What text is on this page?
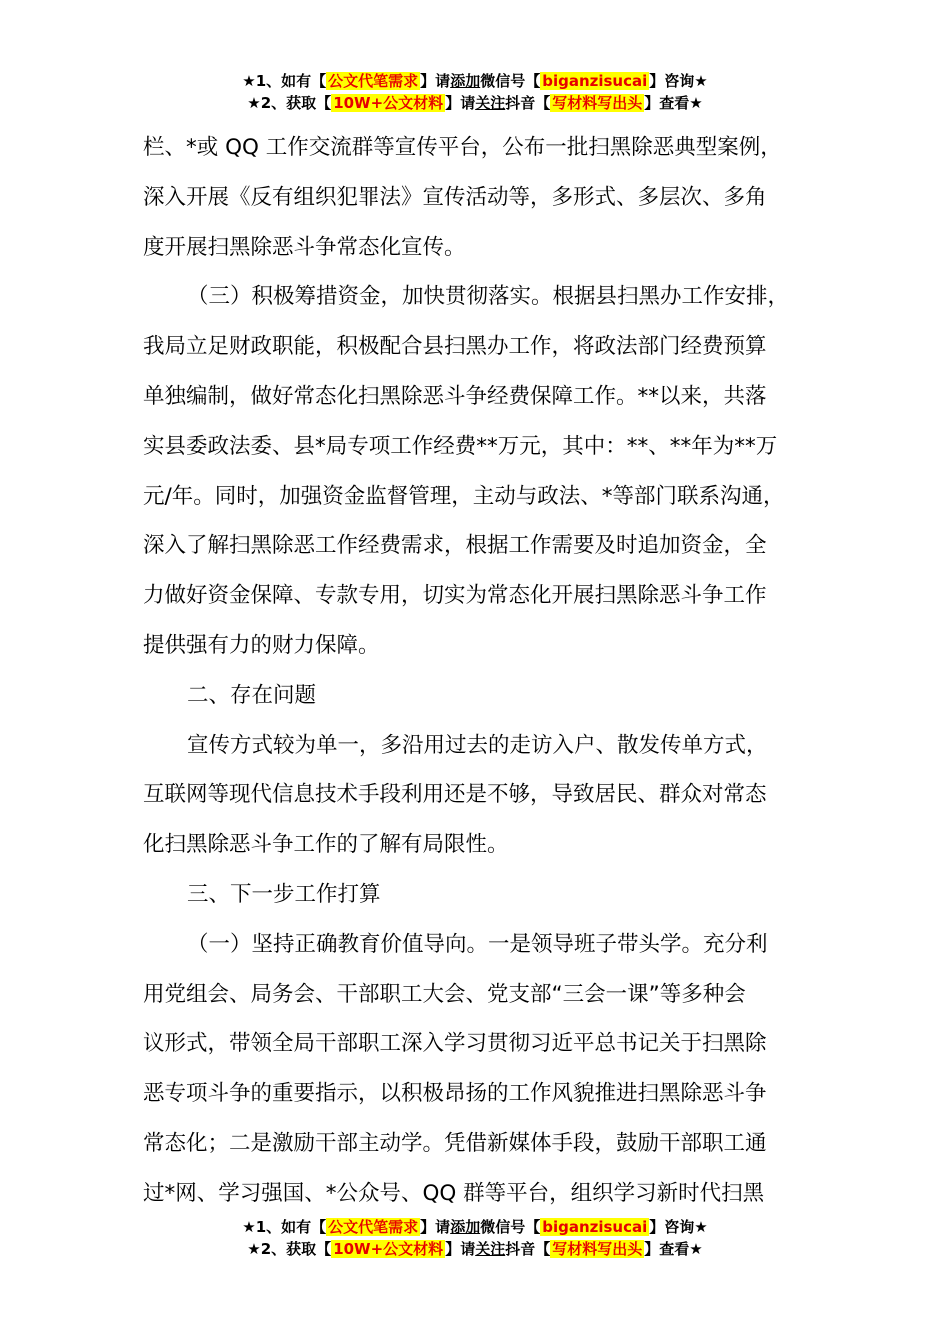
★1、如有【 公文代笔需求 】请添加微信号【 biganzisucai 】咨询★
★2、获取【 10W+公文材料 】请关注抖音【 写材料写出头 】查看★
栏、*或 QQ 工作交流群等宣传平台，公布一批扫黑除恶典型案例，
深入开展《反有组织犯罪法》宣传活动等，多形式、多层次、多角
度开展扫黑除恶斗争常态化宣传。
（三）积极筹措资金，加快贯彻落实。根据县扫黑办工作安排，
我局立足财政职能，积极配合县扫黑办工作，将政法部门经费预算
单独编制，做好常态化扫黑除恶斗争经费保障工作。**以来，共落
实县委政法委、县*局专项工作经费**万元，其中：**、**年为**万
元/年。同时，加强资金监督管理，主动与政法、*等部门联系沟通，
深入了解扫黑除恶工作经费需求，根据工作需要及时追加资金，全
力做好资金保障、专款专用，切实为常态化开展扫黑除恶斗争工作
提供强有力的财力保障。
二、存在问题
宣传方式较为单一，多沿用过去的走访入户、散发传单方式，
互联网等现代信息技术手段利用还是不够，导致居民、群众对常态
化扫黑除恶斗争工作的了解有局限性。
三、下一步工作打算
（一）坚持正确教育价值导向。一是领导班子带头学。充分利
用党组会、局务会、干部职工大会、党支部“三会一课”等多种会
议形式，带领全局干部职工深入学习贯彻习近平总书记关于扫黑除
恶专项斗争的重要指示，以积极昂扬的工作风貌推进扫黑除恶斗争
常态化；二是激励干部主动学。凭借新媒体手段，鼓励干部职工通
过*网、学习强国、*公众号、QQ 群等平台，组织学习新时代扫黑
★1、如有【 公文代笔需求 】请添加微信号【 biganzisucai 】咨询★
★2、获取【 10W+公文材料 】请关注抖音【 写材料写出头 】查看★
